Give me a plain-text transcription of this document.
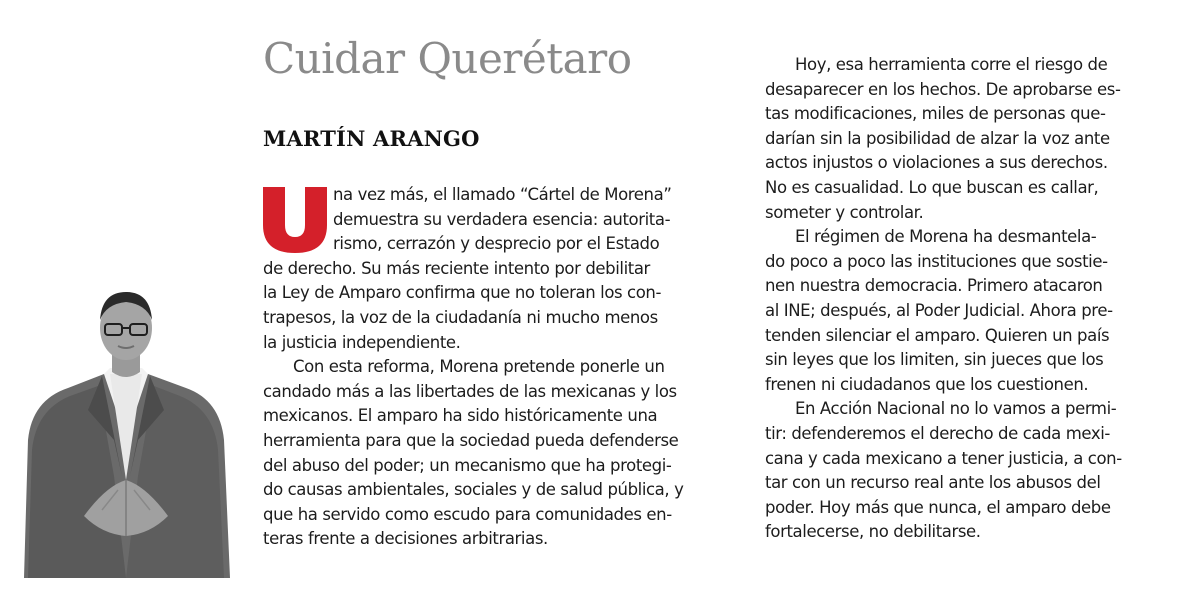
Cuidar Querétaro
MARTÍN ARANGO
na vez más, el llamado “Cártel de Morena”
demuestra su verdadera esencia: autorita-
rismo, cerrazón y desprecio por el Estado
de derecho. Su más reciente intento por debilitar
la Ley de Amparo confirma que no toleran los con-
trapesos, la voz de la ciudadanía ni mucho menos
la justicia independiente.
Con esta reforma, Morena pretende ponerle un
candado más a las libertades de las mexicanas y los
mexicanos. El amparo ha sido históricamente una
herramienta para que la sociedad pueda defenderse
del abuso del poder; un mecanismo que ha protegi-
do causas ambientales, sociales y de salud pública, y
que ha servido como escudo para comunidades en-
teras frente a decisiones arbitrarias.
Hoy, esa herramienta corre el riesgo de
desaparecer en los hechos. De aprobarse es-
tas modificaciones, miles de personas que-
darían sin la posibilidad de alzar la voz ante
actos injustos o violaciones a sus derechos.
No es casualidad. Lo que buscan es callar,
someter y controlar.
El régimen de Morena ha desmantela-
do poco a poco las instituciones que sostie-
nen nuestra democracia. Primero atacaron
al INE; después, al Poder Judicial. Ahora pre-
tenden silenciar el amparo. Quieren un país
sin leyes que los limiten, sin jueces que los
frenen ni ciudadanos que los cuestionen.
En Acción Nacional no lo vamos a permi-
tir: defenderemos el derecho de cada mexi-
cana y cada mexicano a tener justicia, a con-
tar con un recurso real ante los abusos del
poder. Hoy más que nunca, el amparo debe
fortalecerse, no debilitarse.
